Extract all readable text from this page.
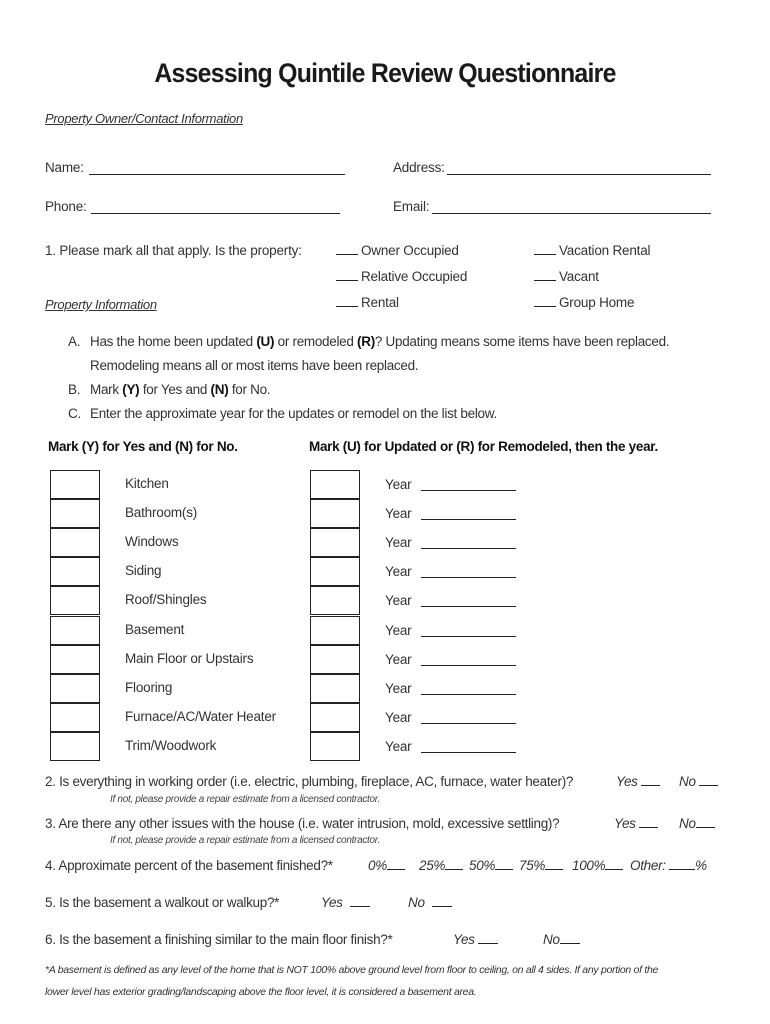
Assessing Quintile Review Questionnaire
Property Owner/Contact Information
Name:	Address:
Phone:	Email:
1. Please mark all that apply. Is the property:	Owner Occupied	Vacation Rental
Relative Occupied	Vacant
Rental	Group Home
Property Information
A. Has the home been updated (U) or remodeled (R)? Updating means some items have been replaced.
Remodeling means all or most items have been replaced.
B. Mark (Y) for Yes and (N) for No.
C. Enter the approximate year for the updates or remodel on the list below.
Mark (Y) for Yes and (N) for No.	Mark (U) for Updated or (R) for Remodeled, then the year.
Kitchen	Year
Bathroom(s)	Year
Windows	Year
Siding	Year
Roof/Shingles	Year
Basement	Year
Main Floor or Upstairs	Year
Flooring	Year
Furnace/AC/Water Heater	Year
Trim/Woodwork	Year
2. Is everything in working order (i.e. electric, plumbing, fireplace, AC, furnace, water heater)?	Yes	No
If not, please provide a repair estimate from a licensed contractor.
3. Are there any other issues with the house (i.e. water intrusion, mold, excessive settling)?	Yes	No
If not, please provide a repair estimate from a licensed contractor.
4. Approximate percent of the basement finished?*	0%	25%	50%	75%	100%	Other: %
5. Is the basement a walkout or walkup?*	Yes	No
6. Is the basement a finishing similar to the main floor finish?*	Yes	No
*A basement is defined as any level of the home that is NOT 100% above ground level from floor to ceiling, on all 4 sides. If any portion of the
lower level has exterior grading/landscaping above the floor level, it is considered a basement area.
